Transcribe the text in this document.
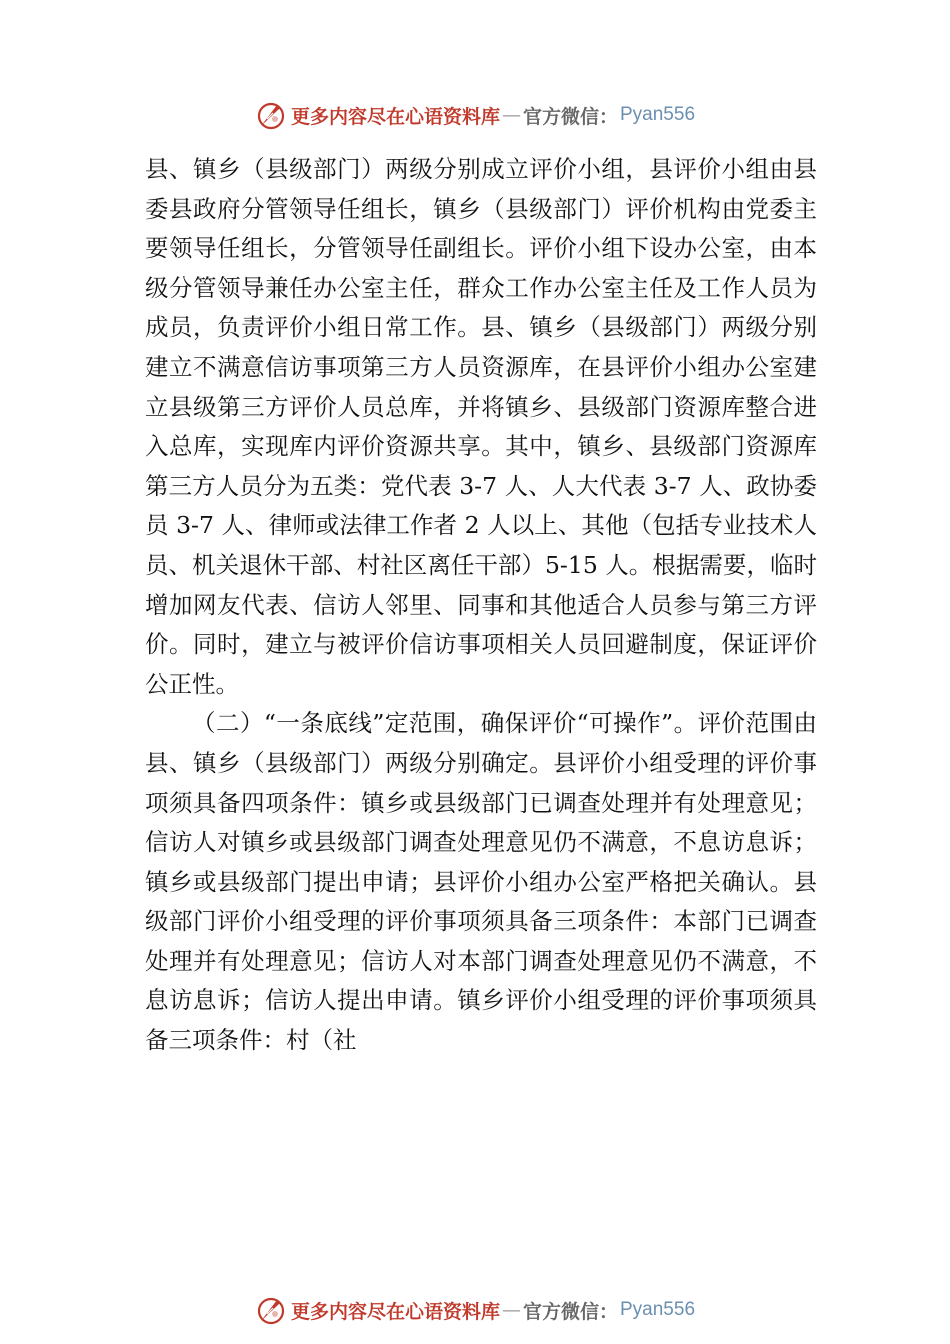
更多内容尽在心语资料库 — 官方微信： Pyan556

县、镇乡（县级部门）两级分别成立评价小组，县评价小组由县委县政府分管领导任组长，镇乡（县级部门）评价机构由党委主要领导任组长，分管领导任副组长。评价小组下设办公室，由本级分管领导兼任办公室主任，群众工作办公室主任及工作人员为成员，负责评价小组日常工作。县、镇乡（县级部门）两级分别建立不满意信访事项第三方人员资源库，在县评价小组办公室建立县级第三方评价人员总库，并将镇乡、县级部门资源库整合进入总库，实现库内评价资源共享。其中，镇乡、县级部门资源库第三方人员分为五类：党代表 3-7 人、人大代表 3-7 人、政协委员 3-7 人、律师或法律工作者 2 人以上、其他（包括专业技术人员、机关退休干部、村社区离任干部）5-15 人。根据需要，临时增加网友代表、信访人邻里、同事和其他适合人员参与第三方评价。同时，建立与被评价信访事项相关人员回避制度，保证评价公正性。

（二）“一条底线”定范围，确保评价“可操作”。评价范围由县、镇乡（县级部门）两级分别确定。县评价小组受理的评价事项须具备四项条件：镇乡或县级部门已调查处理并有处理意见；信访人对镇乡或县级部门调查处理意见仍不满意，不息访息诉；镇乡或县级部门提出申请；县评价小组办公室严格把关确认。县级部门评价小组受理的评价事项须具备三项条件：本部门已调查处理并有处理意见；信访人对本部门调查处理意见仍不满意，不息访息诉；信访人提出申请。镇乡评价小组受理的评价事项须具备三项条件：村（社

更多内容尽在心语资料库 — 官方微信： Pyan556
